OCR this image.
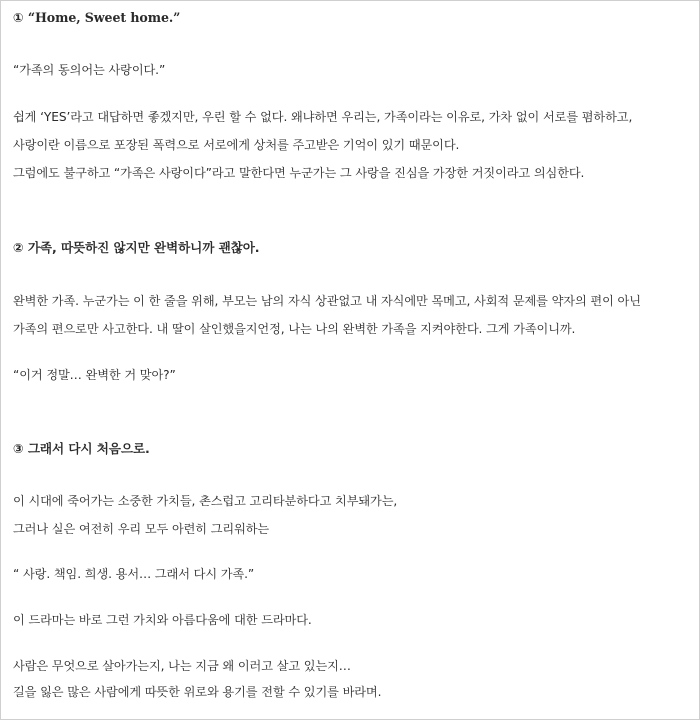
① “Home, Sweet home.”
“가족의 동의어는 사랑이다.”
쉽게 ‘YES’라고 대답하면 좋겠지만, 우린 할 수 없다. 왜냐하면 우리는, 가족이라는 이유로, 가차 없이 서로를 폄하하고,
사랑이란 이름으로 포장된 폭력으로 서로에게 상처를 주고받은 기억이 있기 때문이다.
그럼에도 불구하고 “가족은 사랑이다”라고 말한다면 누군가는 그 사랑을 진심을 가장한 거짓이라고 의심한다.
② 가족, 따뜻하진 않지만 완벽하니까 괜찮아.
완벽한 가족. 누군가는 이 한 줄을 위해, 부모는 남의 자식 상관없고 내 자식에만 목메고, 사회적 문제를 약자의 편이 아닌
가족의 편으로만 사고한다. 내 딸이 살인했을지언정, 나는 나의 완벽한 가족을 지켜야한다. 그게 가족이니까.
“이거 정말… 완벽한 거 맞아?”
③ 그래서 다시 처음으로.
이 시대에 죽어가는 소중한 가치들, 촌스럽고 고리타분하다고 치부돼가는,
그러나 실은 여전히 우리 모두 아련히 그리워하는
“ 사랑. 책임. 희생. 용서… 그래서 다시 가족.”
이 드라마는 바로 그런 가치와 아름다움에 대한 드라마다.
사람은 무엇으로 살아가는지, 나는 지금 왜 이러고 살고 있는지…
길을 잃은 많은 사람에게 따뜻한 위로와 용기를 전할 수 있기를 바라며.
